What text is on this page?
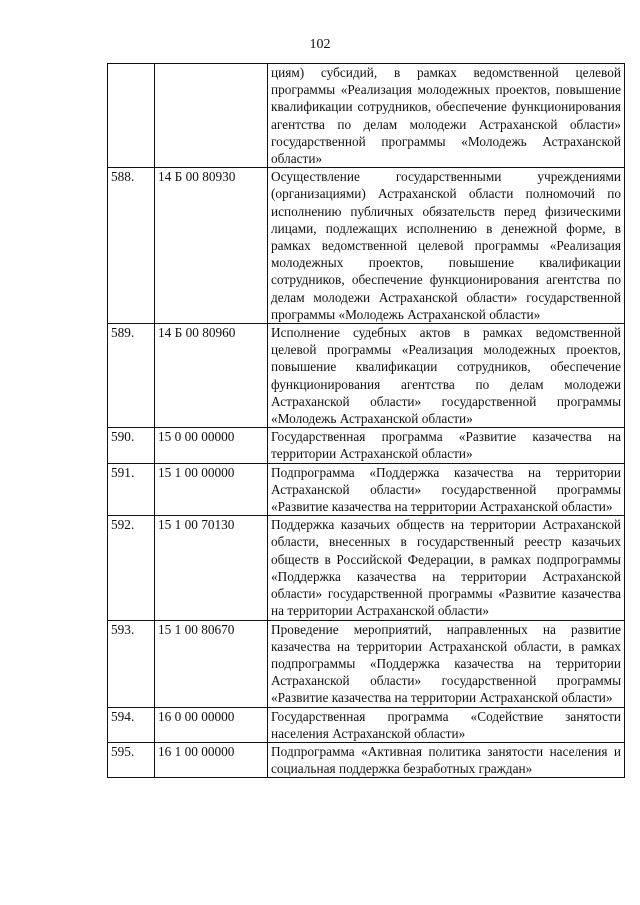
102
		циям) субсидий, в рамках ведомственной целевой программы «Реализация молодежных проектов, повышение квалификации сотрудников, обеспечение функционирования агентства по делам молодежи Астраханской области» государственной программы «Молодежь Астраханской области»
588.	14 Б 00 80930	Осуществление государственными учреждениями (организациями) Астраханской области полномочий по исполнению публичных обязательств перед физическими лицами, подлежащих исполнению в денежной форме, в рамках ведомственной целевой программы «Реализация молодежных проектов, повышение квалификации сотрудников, обеспечение функционирования агентства по делам молодежи Астраханской области» государственной программы «Молодежь Астраханской области»
589.	14 Б 00 80960	Исполнение судебных актов в рамках ведомственной целевой программы «Реализация молодежных проектов, повышение квалификации сотрудников, обеспечение функционирования агентства по делам молодежи Астраханской области» государственной программы «Молодежь Астраханской области»
590.	15 0 00 00000	Государственная программа «Развитие казачества на территории Астраханской области»
591.	15 1 00 00000	Подпрограмма «Поддержка казачества на территории Астраханской области» государственной программы «Развитие казачества на территории Астраханской области»
592.	15 1 00 70130	Поддержка казачьих обществ на территории Астраханской области, внесенных в государственный реестр казачьих обществ в Российской Федерации, в рамках подпрограммы «Поддержка казачества на территории Астраханской области» государственной программы «Развитие казачества на территории Астраханской области»
593.	15 1 00 80670	Проведение мероприятий, направленных на развитие казачества на территории Астраханской области, в рамках подпрограммы «Поддержка казачества на территории Астраханской области» государственной программы «Развитие казачества на территории Астраханской области»
594.	16 0 00 00000	Государственная программа «Содействие занятости населения Астраханской области»
595.	16 1 00 00000	Подпрограмма «Активная политика занятости населения и социальная поддержка безработных граждан»
